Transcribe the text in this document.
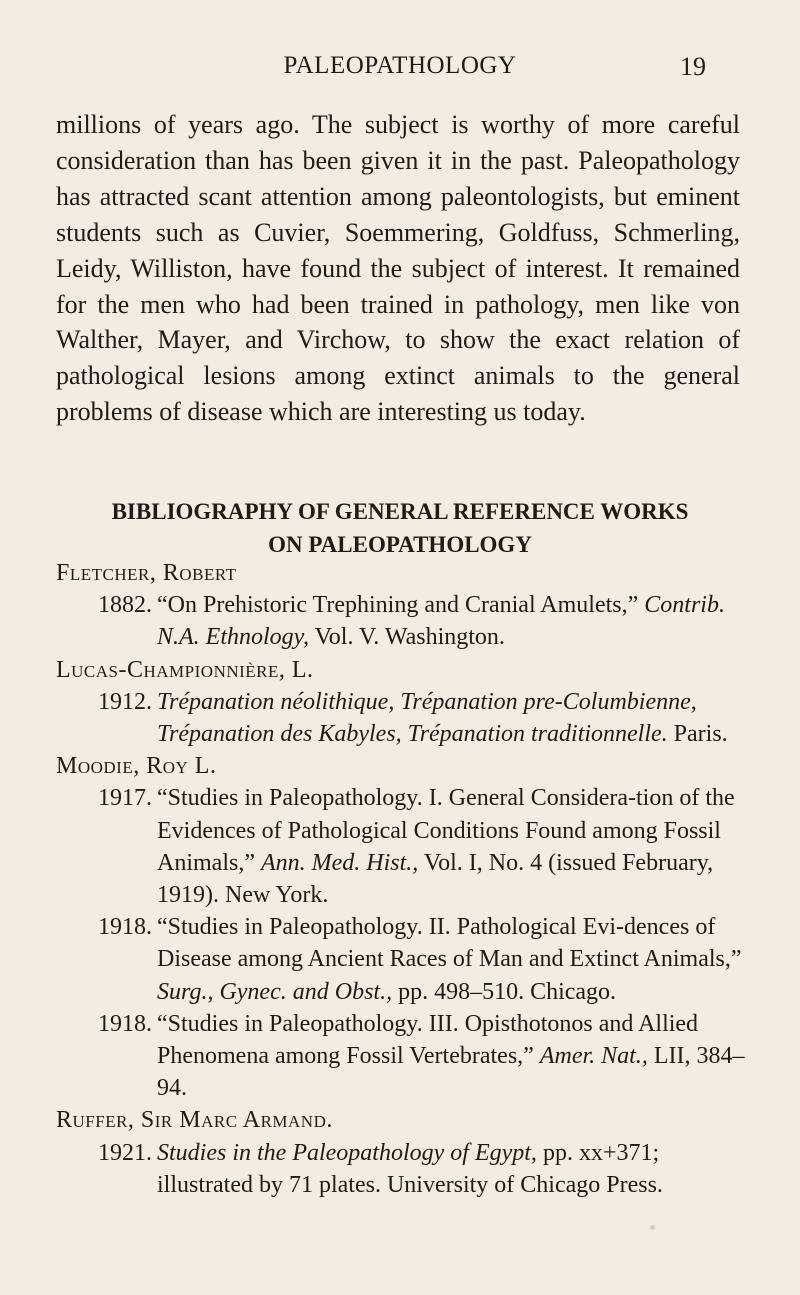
PALEOPATHOLOGY	19

millions of years ago. The subject is worthy of more careful consideration than has been given it in the past. Paleopathology has attracted scant attention among paleontologists, but eminent students such as Cuvier, Soemmering, Goldfuss, Schmerling, Leidy, Williston, have found the subject of interest. It remained for the men who had been trained in pathology, men like von Walther, Mayer, and Virchow, to show the exact relation of pathological lesions among extinct animals to the general problems of disease which are interesting us today.

BIBLIOGRAPHY OF GENERAL REFERENCE WORKS
ON PALEOPATHOLOGY
Fletcher, Robert
1882. “On Prehistoric Trephining and Cranial Amulets,” Contrib. N.A. Ethnology, Vol. V. Washington.
Lucas-Championnière, L.
1912. Trépanation néolithique, Trépanation pre-Columbienne, Trépanation des Kabyles, Trépanation traditionnelle. Paris.
Moodie, Roy L.
1917. “Studies in Paleopathology. I. General Considera-tion of the Evidences of Pathological Conditions Found among Fossil Animals,” Ann. Med. Hist., Vol. I, No. 4 (issued February, 1919). New York.
1918. “Studies in Paleopathology. II. Pathological Evi-dences of Disease among Ancient Races of Man and Extinct Animals,” Surg., Gynec. and Obst., pp. 498–510. Chicago.
1918. “Studies in Paleopathology. III. Opisthotonos and Allied Phenomena among Fossil Vertebrates,” Amer. Nat., LII, 384–94.
Ruffer, Sir Marc Armand.
1921. Studies in the Paleopathology of Egypt, pp. xx+371; illustrated by 71 plates. University of Chicago Press.
